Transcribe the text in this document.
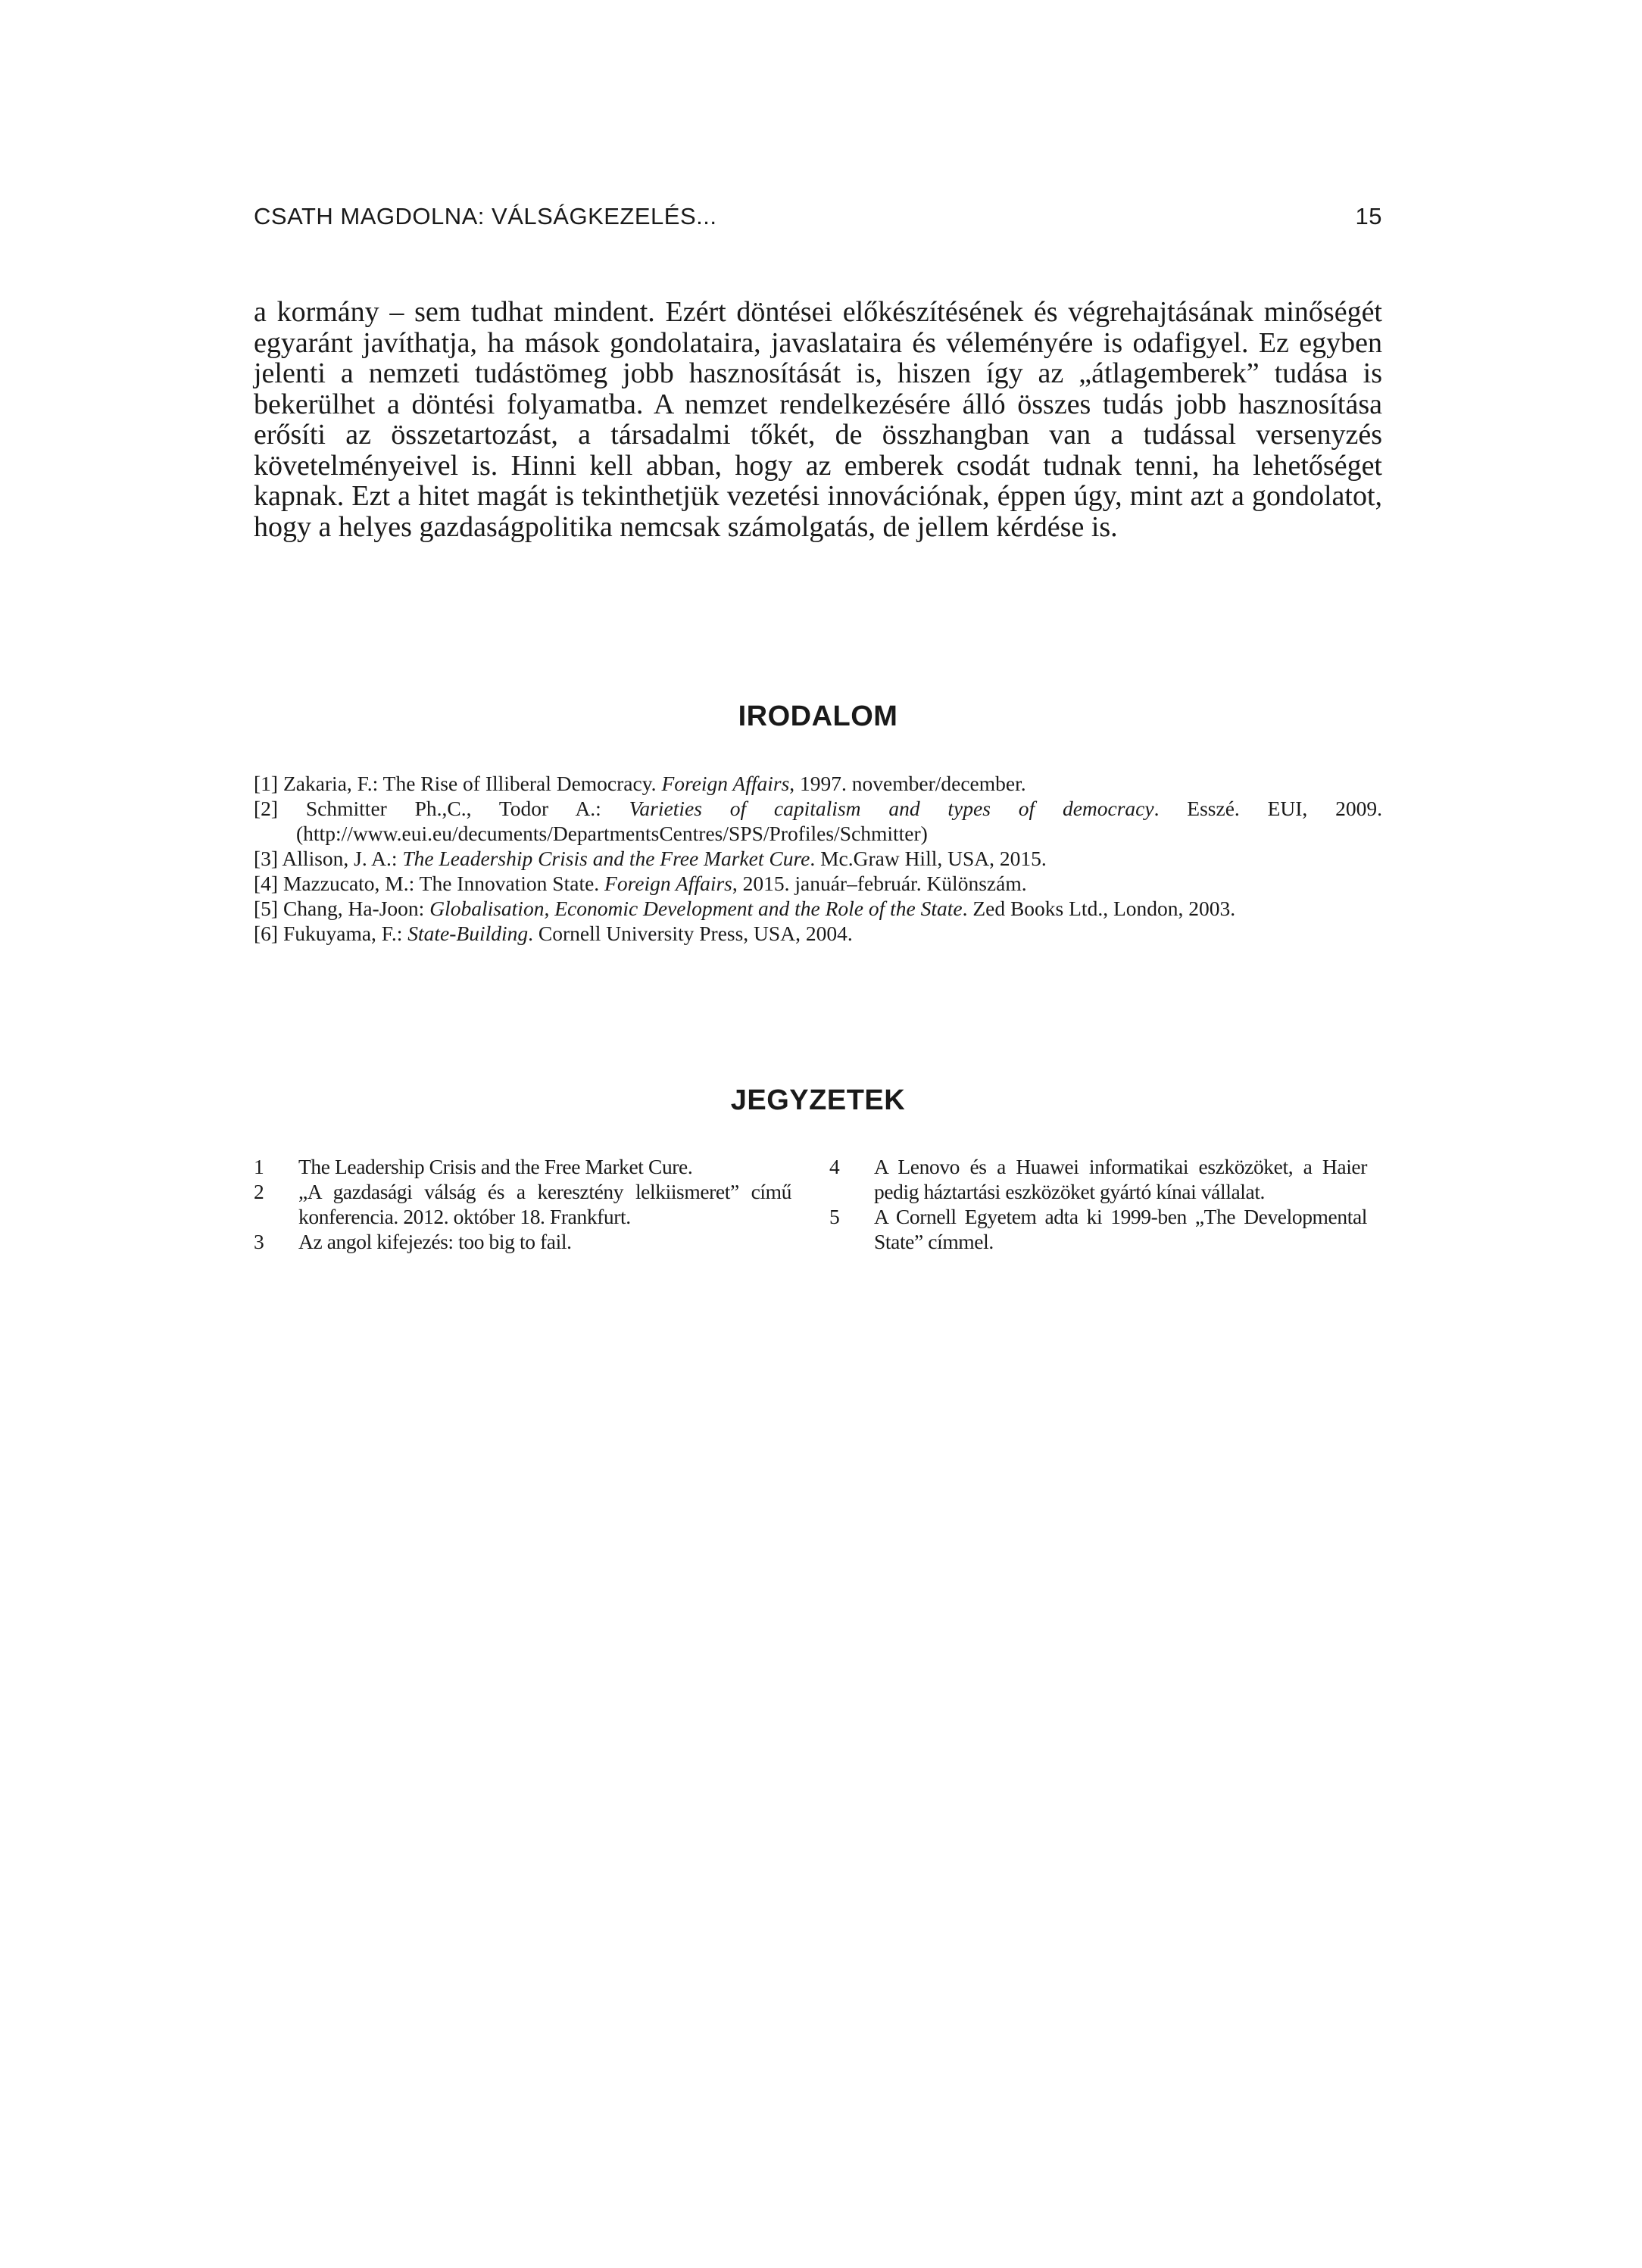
CSATH MAGDOLNA: VÁLSÁGKEZELÉS...	15

a kormány – sem tudhat mindent. Ezért döntései előkészítésének és végrehajtásának minőségét egyaránt javíthatja, ha mások gondolataira, javaslataira és véleményére is odafigyel. Ez egyben jelenti a nemzeti tudástömeg jobb hasznosítását is, hiszen így az „átlagemberek” tudása is bekerülhet a döntési folyamatba. A nemzet rendelkezésére álló összes tudás jobb hasznosítása erősíti az összetartozást, a társadalmi tőkét, de összhangban van a tudással versenyzés követelményeivel is. Hinni kell abban, hogy az emberek csodát tudnak tenni, ha lehetőséget kapnak. Ezt a hitet magát is tekinthetjük vezetési innovációnak, éppen úgy, mint azt a gondolatot, hogy a helyes gazdaságpolitika nemcsak számolgatás, de jellem kérdése is.

IRODALOM
[1] Zakaria, F.: The Rise of Illiberal Democracy. Foreign Affairs, 1997. november/december.
[2] Schmitter Ph.,C., Todor A.: Varieties of capitalism and types of democracy. Esszé. EUI, 2009. (http://www.eui.eu/decuments/DepartmentsCentres/SPS/Profiles/Schmitter)
[3] Allison, J. A.: The Leadership Crisis and the Free Market Cure. Mc.Graw Hill, USA, 2015.
[4] Mazzucato, M.: The Innovation State. Foreign Affairs, 2015. január–február. Különszám.
[5] Chang, Ha-Joon: Globalisation, Economic Development and the Role of the State. Zed Books Ltd., London, 2003.
[6] Fukuyama, F.: State-Building. Cornell University Press, USA, 2004.
JEGYZETEK
1	The Leadership Crisis and the Free Market Cure.
2	„A gazdasági válság és a keresztény lelkiismeret” című konferencia. 2012. október 18. Frankfurt.
3	Az angol kifejezés: too big to fail.
4	A Lenovo és a Huawei informatikai eszközöket, a Haier pedig háztartási eszközöket gyártó kínai vállalat.
5	A Cornell Egyetem adta ki 1999-ben „The Developmental State” címmel.
